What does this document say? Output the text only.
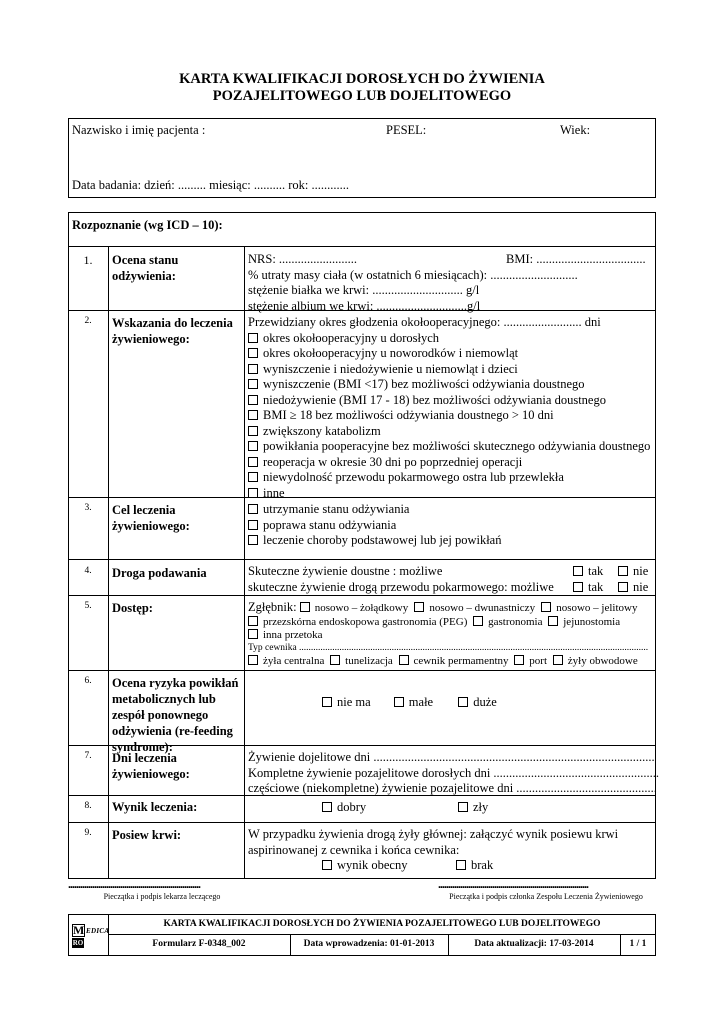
KARTA KWALIFIKACJI DOROSŁYCH DO ŻYWIENIA
POZAJELITOWEGO LUB DOJELITOWEGO
Nazwisko i imię pacjenta :	PESEL:	Wiek:
Data badania: dzień: ......... miesiąc: .......... rok: ............
Rozpoznanie (wg ICD – 10):
1.	Ocena stanu odżywienia:
NRS: .........................	BMI: ...................................
% utraty masy ciała (w ostatnich 6 miesiącach): ............................
stężenie białka we krwi: ............................. g/l
stężenie albium we krwi: .............................g/l
2.	Wskazania do leczenia żywieniowego:
Przewidziany okres głodzenia okołooperacyjnego: ......................... dni
okres okołooperacyjny u dorosłych
okres okołooperacyjny u noworodków i niemowląt
wyniszczenie i niedożywienie u niemowląt i dzieci
wyniszczenie (BMI <17) bez możliwości odżywiania doustnego
niedożywienie (BMI 17 - 18) bez możliwości odżywiania doustnego
BMI ≥ 18 bez możliwości odżywiania doustnego > 10 dni
zwiększony katabolizm
powikłania pooperacyjne bez możliwości skutecznego odżywiania doustnego
reoperacja w okresie 30 dni po poprzedniej operacji
niewydolność przewodu pokarmowego ostra lub przewlekła
inne
3.	Cel leczenia żywieniowego:
utrzymanie stanu odżywiania
poprawa stanu odżywiania
leczenie choroby podstawowej lub jej powikłań
4.	Droga podawania	Skuteczne żywienie doustne : możliwe	tak	nie
skuteczne żywienie drogą przewodu pokarmowego: możliwe	tak	nie
5.	Dostęp:	Zgłębnik: nosowo – żołądkowy nosowo – dwunastniczy nosowo – jelitowy
przezskórna endoskopowa gastronomia (PEG) gastronomia jejunostomia
inna przetoka
Typ cewnika ...................................................................................................................................................
żyła centralna tunelizacja cewnik permamentny port żyły obwodowe
6.	Ocena ryzyka powikłań metabolicznych lub zespół ponownego odżywienia (re-feeding syndrome):
nie ma	małe	duże
7.	Dni leczenia żywieniowego:
Żywienie dojelitowe dni ..........................................................................................
Kompletne żywienie pozajelitowe dorosłych dni .....................................................
częściowe (niekompletne) żywienie pozajelitowe dni .............................................
8.	Wynik leczenia:	dobry	zły
9.	Posiew krwi:	W przypadku żywienia drogą żyły głównej: załączyć wynik posiewu krwi
aspirinowanej z cewnika i końca cewnika:
wynik obecny	brak
..................................................................
Pieczątka i podpis lekarza leczącego
...........................................................................
Pieczątka i podpis członka Zespołu Leczenia Żywieniowego
M EDICA
RO
KARTA KWALIFIKACJI DOROSŁYCH DO ŻYWIENIA POZAJELITOWEGO LUB DOJELITOWEGO
Formularz F-0348_002	Data wprowadzenia: 01-01-2013	Data aktualizacji: 17-03-2014	1 / 1
